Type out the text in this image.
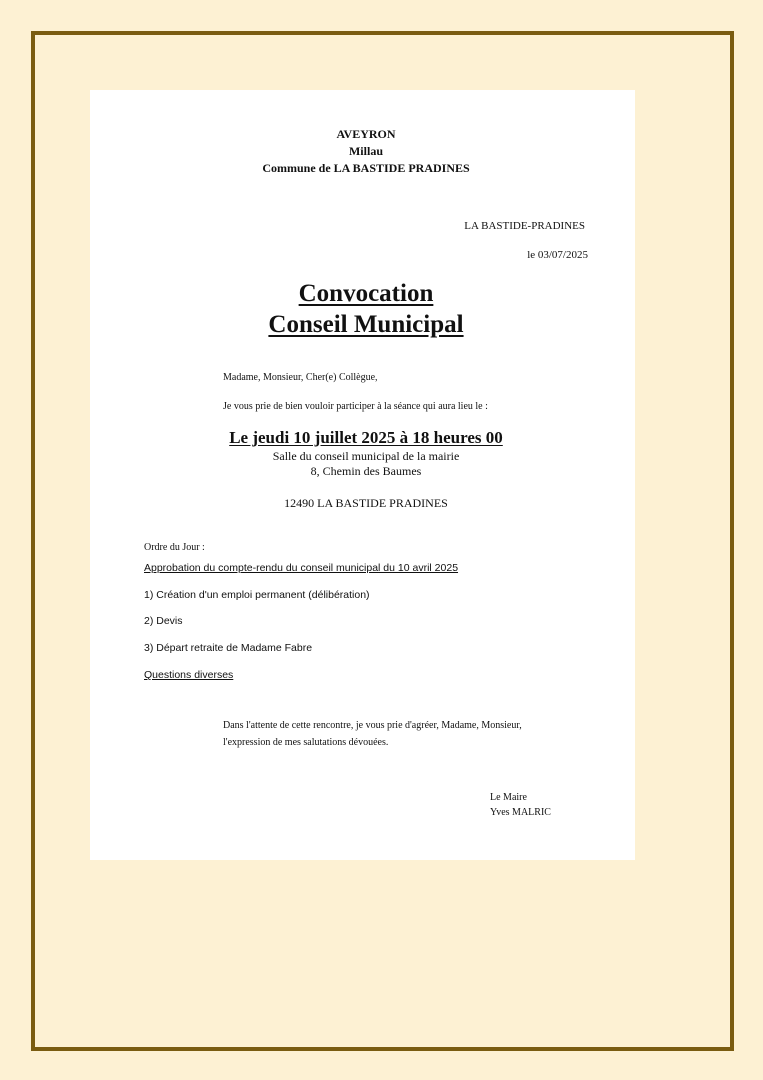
AVEYRON
Millau
Commune de LA BASTIDE PRADINES
LA BASTIDE-PRADINES
le 03/07/2025
Convocation
Conseil Municipal
Madame, Monsieur, Cher(e) Collègue,
Je vous prie de bien vouloir participer à la séance qui aura lieu le :
Le jeudi 10 juillet 2025 à 18 heures 00
Salle du conseil municipal de la mairie
8, Chemin des Baumes
12490 LA BASTIDE PRADINES
Ordre du Jour :
Approbation du compte-rendu du conseil municipal du 10 avril 2025
1) Création d'un emploi permanent (délibération)
2) Devis
3) Départ retraite de Madame Fabre
Questions diverses
Dans l'attente de cette rencontre, je vous prie d'agréer, Madame, Monsieur,
l'expression de mes salutations dévouées.
Le Maire
Yves MALRIC
